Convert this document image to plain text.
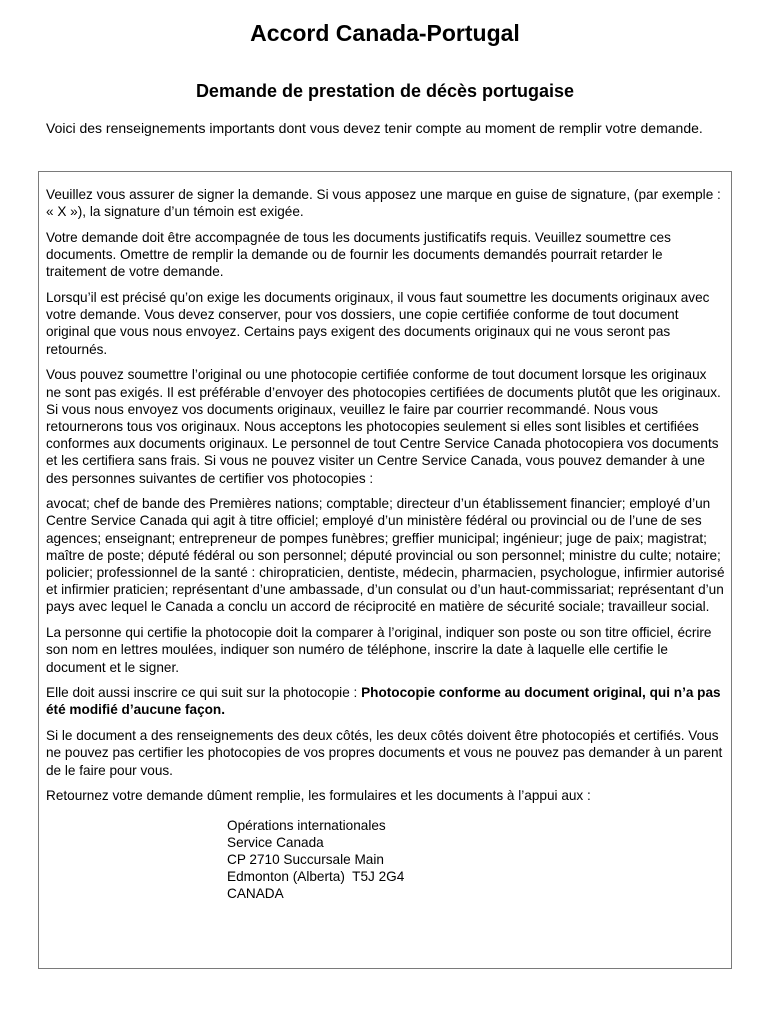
Accord Canada-Portugal
Demande de prestation de décès portugaise

Voici des renseignements importants dont vous devez tenir compte au moment de remplir votre demande.

Veuillez vous assurer de signer la demande. Si vous apposez une marque en guise de signature, (par exemple : « X »), la signature d’un témoin est exigée.

Votre demande doit être accompagnée de tous les documents justificatifs requis. Veuillez soumettre ces documents. Omettre de remplir la demande ou de fournir les documents demandés pourrait retarder le traitement de votre demande.

Lorsqu’il est précisé qu’on exige les documents originaux, il vous faut soumettre les documents originaux avec votre demande. Vous devez conserver, pour vos dossiers, une copie certifiée conforme de tout document original que vous nous envoyez. Certains pays exigent des documents originaux qui ne vous seront pas retournés.

Vous pouvez soumettre l’original ou une photocopie certifiée conforme de tout document lorsque les originaux ne sont pas exigés. Il est préférable d’envoyer des photocopies certifiées de documents plutôt que les originaux. Si vous nous envoyez vos documents originaux, veuillez le faire par courrier recommandé. Nous vous retournerons tous vos originaux. Nous acceptons les photocopies seulement si elles sont lisibles et certifiées conformes aux documents originaux. Le personnel de tout Centre Service Canada photocopiera vos documents et les certifiera sans frais. Si vous ne pouvez visiter un Centre Service Canada, vous pouvez demander à une des personnes suivantes de certifier vos photocopies :

avocat; chef de bande des Premières nations; comptable; directeur d’un établissement financier; employé d’un Centre Service Canada qui agit à titre officiel; employé d’un ministère fédéral ou provincial ou de l’une de ses agences; enseignant; entrepreneur de pompes funèbres; greffier municipal; ingénieur; juge de paix; magistrat; maître de poste; député fédéral ou son personnel; député provincial ou son personnel; ministre du culte; notaire; policier; professionnel de la santé : chiropraticien, dentiste, médecin, pharmacien, psychologue, infirmier autorisé et infirmier praticien; représentant d’une ambassade, d’un consulat ou d’un haut-commissariat; représentant d’un pays avec lequel le Canada a conclu un accord de réciprocité en matière de sécurité sociale; travailleur social.

La personne qui certifie la photocopie doit la comparer à l’original, indiquer son poste ou son titre officiel, écrire son nom en lettres moulées, indiquer son numéro de téléphone, inscrire la date à laquelle elle certifie le document et le signer.

Elle doit aussi inscrire ce qui suit sur la photocopie : Photocopie conforme au document original, qui n’a pas été modifié d’aucune façon.

Si le document a des renseignements des deux côtés, les deux côtés doivent être photocopiés et certifiés. Vous ne pouvez pas certifier les photocopies de vos propres documents et vous ne pouvez pas demander à un parent de le faire pour vous.

Retournez votre demande dûment remplie, les formulaires et les documents à l’appui aux :

Opérations internationales
Service Canada
CP 2710 Succursale Main
Edmonton (Alberta)  T5J 2G4
CANADA
